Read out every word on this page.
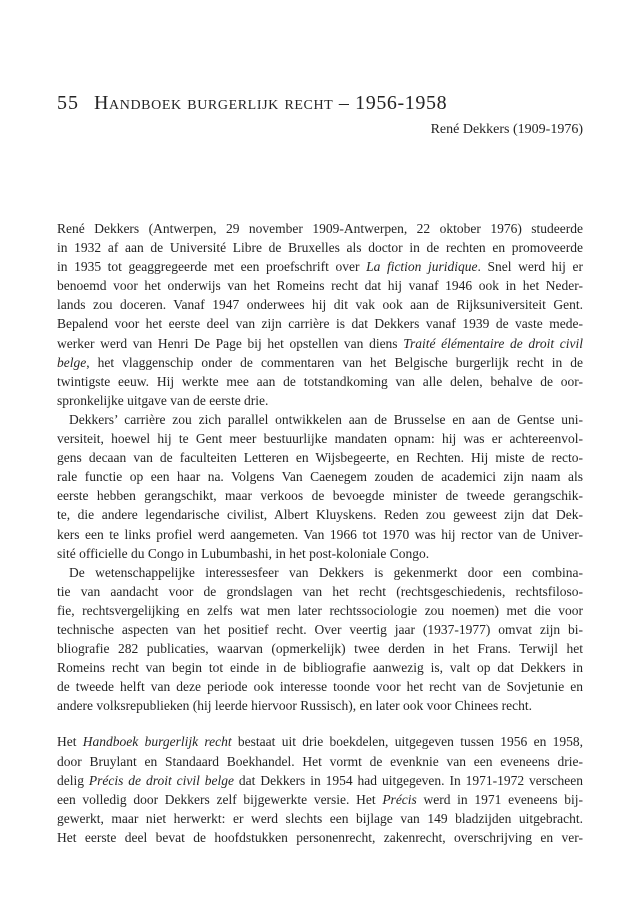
55 Handboek burgerlijk recht – 1956-1958
René Dekkers (1909-1976)

René Dekkers (Antwerpen, 29 november 1909-Antwerpen, 22 oktober 1976) studeerde
in 1932 af aan de Université Libre de Bruxelles als doctor in de rechten en promoveerde
in 1935 tot geaggregeerde met een proefschrift over La fiction juridique. Snel werd hij er
benoemd voor het onderwijs van het Romeins recht dat hij vanaf 1946 ook in het Neder-
lands zou doceren. Vanaf 1947 onderwees hij dit vak ook aan de Rijksuniversiteit Gent.
Bepalend voor het eerste deel van zijn carrière is dat Dekkers vanaf 1939 de vaste mede-
werker werd van Henri De Page bij het opstellen van diens Traité élémentaire de droit civil
belge, het vlaggenschip onder de commentaren van het Belgische burgerlijk recht in de
twintigste eeuw. Hij werkte mee aan de totstandkoming van alle delen, behalve de oor-
spronkelijke uitgave van de eerste drie.

Dekkers’ carrière zou zich parallel ontwikkelen aan de Brusselse en aan de Gentse uni-
versiteit, hoewel hij te Gent meer bestuurlijke mandaten opnam: hij was er achtereenvol-
gens decaan van de faculteiten Letteren en Wijsbegeerte, en Rechten. Hij miste de recto-
rale functie op een haar na. Volgens Van Caenegem zouden de academici zijn naam als
eerste hebben gerangschikt, maar verkoos de bevoegde minister de tweede gerangschik-
te, die andere legendarische civilist, Albert Kluyskens. Reden zou geweest zijn dat Dek-
kers een te links profiel werd aangemeten. Van 1966 tot 1970 was hij rector van de Univer-
sité officielle du Congo in Lubumbashi, in het post-koloniale Congo.

De wetenschappelijke interessesfeer van Dekkers is gekenmerkt door een combina-
tie van aandacht voor de grondslagen van het recht (rechtsgeschiedenis, rechtsfiloso-
fie, rechtsvergelijking en zelfs wat men later rechtssociologie zou noemen) met die voor
technische aspecten van het positief recht. Over veertig jaar (1937-1977) omvat zijn bi-
bliografie 282 publicaties, waarvan (opmerkelijk) twee derden in het Frans. Terwijl het
Romeins recht van begin tot einde in de bibliografie aanwezig is, valt op dat Dekkers in
de tweede helft van deze periode ook interesse toonde voor het recht van de Sovjetunie en
andere volksrepublieken (hij leerde hiervoor Russisch), en later ook voor Chinees recht.

Het Handboek burgerlijk recht bestaat uit drie boekdelen, uitgegeven tussen 1956 en 1958,
door Bruylant en Standaard Boekhandel. Het vormt de evenknie van een eveneens drie-
delig Précis de droit civil belge dat Dekkers in 1954 had uitgegeven. In 1971-1972 verscheen
een volledig door Dekkers zelf bijgewerkte versie. Het Précis werd in 1971 eveneens bij-
gewerkt, maar niet herwerkt: er werd slechts een bijlage van 149 bladzijden uitgebracht.
Het eerste deel bevat de hoofdstukken personenrecht, zakenrecht, overschrijving en ver-
